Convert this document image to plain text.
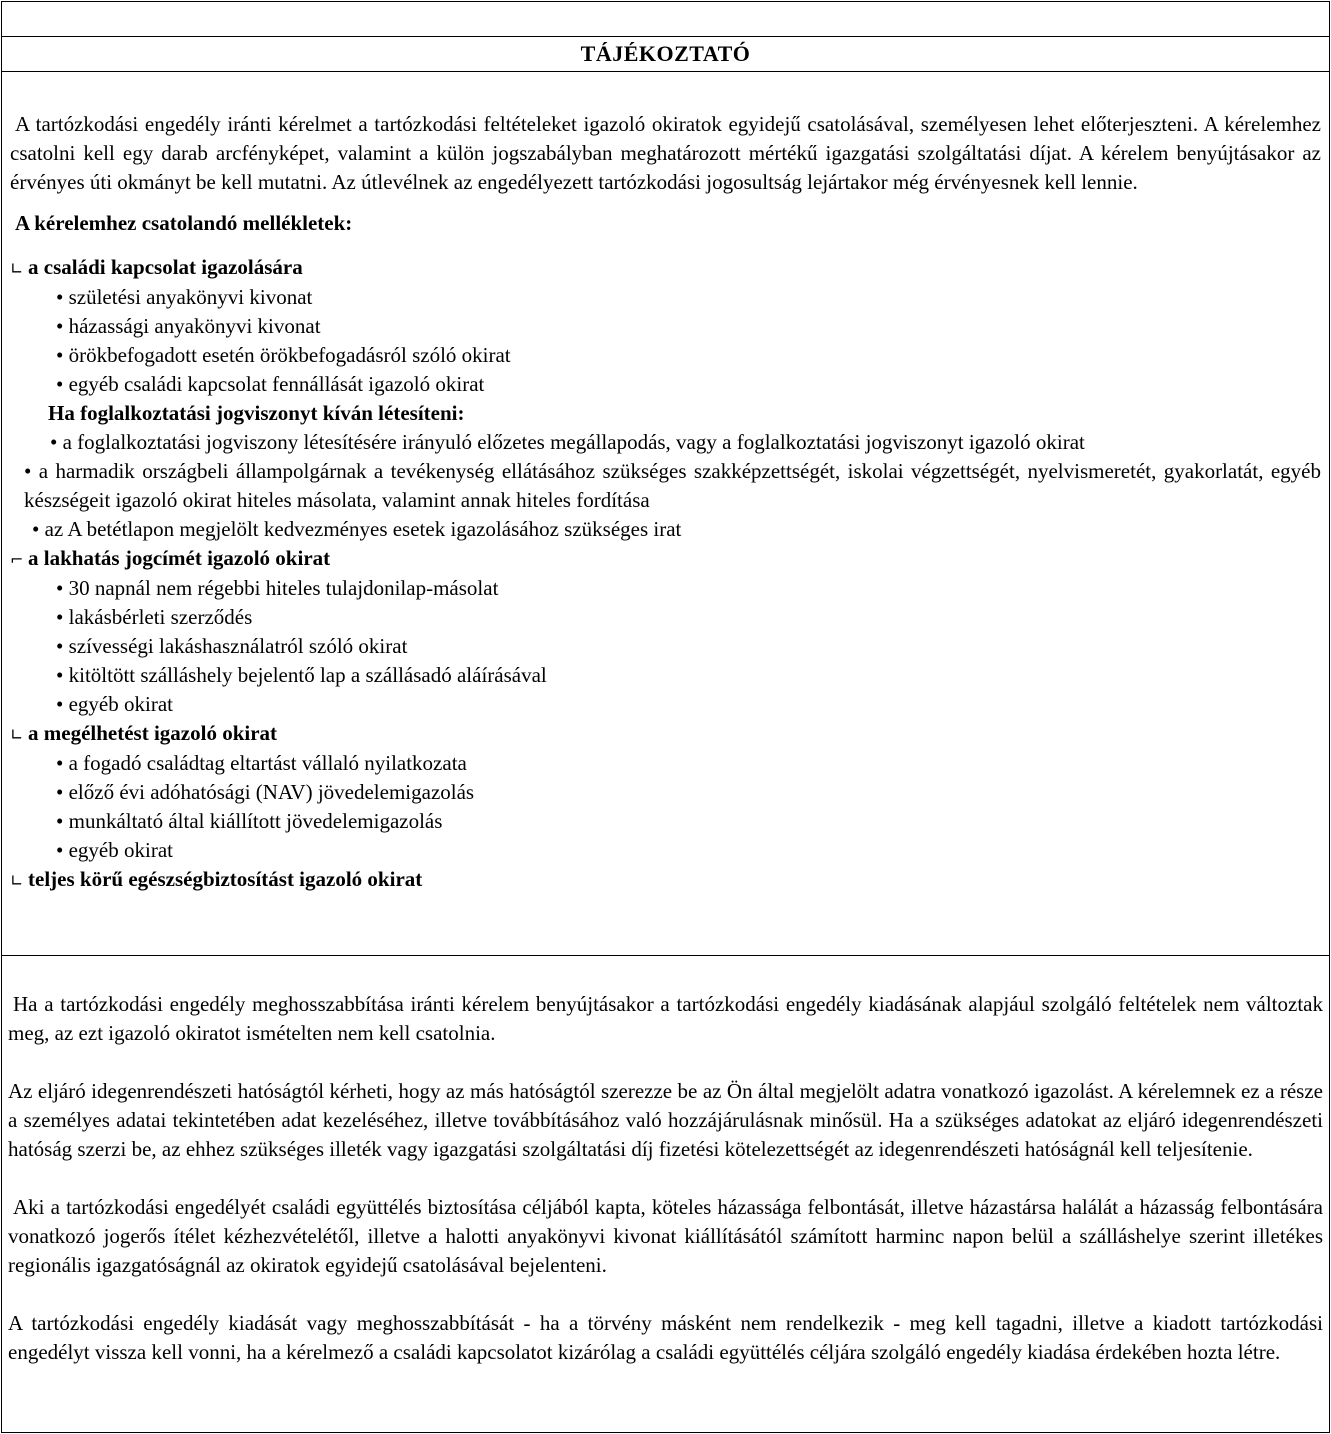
TÁJÉKOZTATÓ

A tartózkodási engedély iránti kérelmet a tartózkodási feltételeket igazoló okiratok egyidejű csatolásával, személyesen lehet előterjeszteni. A kérelemhez csatolni kell egy darab arcfényképet, valamint a külön jogszabályban meghatározott mértékű igazgatási szolgáltatási díjat. A kérelem benyújtásakor az érvényes úti okmányt be kell mutatni. Az útlevélnek az engedélyezett tartózkodási jogosultság lejártakor még érvényesnek kell lennie.

A kérelemhez csatolandó mellékletek:
∟ a családi kapcsolat igazolására
• születési anyakönyvi kivonat
• házassági anyakönyvi kivonat
• örökbefogadott esetén örökbefogadásról szóló okirat
• egyéb családi kapcsolat fennállását igazoló okirat
Ha foglalkoztatási jogviszonyt kíván létesíteni:
• a foglalkoztatási jogviszony létesítésére irányuló előzetes megállapodás, vagy a foglalkoztatási jogviszonyt igazoló okirat
• a harmadik országbeli állampolgárnak a tevékenység ellátásához szükséges szakképzettségét, iskolai végzettségét, nyelvismeretét, gyakorlatát, egyéb készségeit igazoló okirat hiteles másolata, valamint annak hiteles fordítása
• az A betétlapon megjelölt kedvezményes esetek igazolásához szükséges irat
⌐ a lakhatás jogcímét igazoló okirat
• 30 napnál nem régebbi hiteles tulajdonilap-másolat
• lakásbérleti szerződés
• szívességi lakáshasználatról szóló okirat
• kitöltött szálláshely bejelentő lap a szállásadó aláírásával
• egyéb okirat
∟ a megélhetést igazoló okirat
• a fogadó családtag eltartást vállaló nyilatkozata
• előző évi adóhatósági (NAV) jövedelemigazolás
• munkáltató által kiállított jövedelemigazolás
• egyéb okirat
∟ teljes körű egészségbiztosítást igazoló okirat

Ha a tartózkodási engedély meghosszabbítása iránti kérelem benyújtásakor a tartózkodási engedély kiadásának alapjául szolgáló feltételek nem változtak meg, az ezt igazoló okiratot ismételten nem kell csatolnia.

Az eljáró idegenrendészeti hatóságtól kérheti, hogy az más hatóságtól szerezze be az Ön által megjelölt adatra vonatkozó igazolást. A kérelemnek ez a része a személyes adatai tekintetében adat kezeléséhez, illetve továbbításához való hozzájárulásnak minősül. Ha a szükséges adatokat az eljáró idegenrendészeti hatóság szerzi be, az ehhez szükséges illeték vagy igazgatási szolgáltatási díj fizetési kötelezettségét az idegenrendészeti hatóságnál kell teljesítenie.

Aki a tartózkodási engedélyét családi együttélés biztosítása céljából kapta, köteles házassága felbontását, illetve házastársa halálát a házasság felbontására vonatkozó jogerős ítélet kézhezvételétől, illetve a halotti anyakönyvi kivonat kiállításától számított harminc napon belül a szálláshelye szerint illetékes regionális igazgatóságnál az okiratok egyidejű csatolásával bejelenteni.

A tartózkodási engedély kiadását vagy meghosszabbítását - ha a törvény másként nem rendelkezik - meg kell tagadni, illetve a kiadott tartózkodási engedélyt vissza kell vonni, ha a kérelmező a családi kapcsolatot kizárólag a családi együttélés céljára szolgáló engedély kiadása érdekében hozta létre.
